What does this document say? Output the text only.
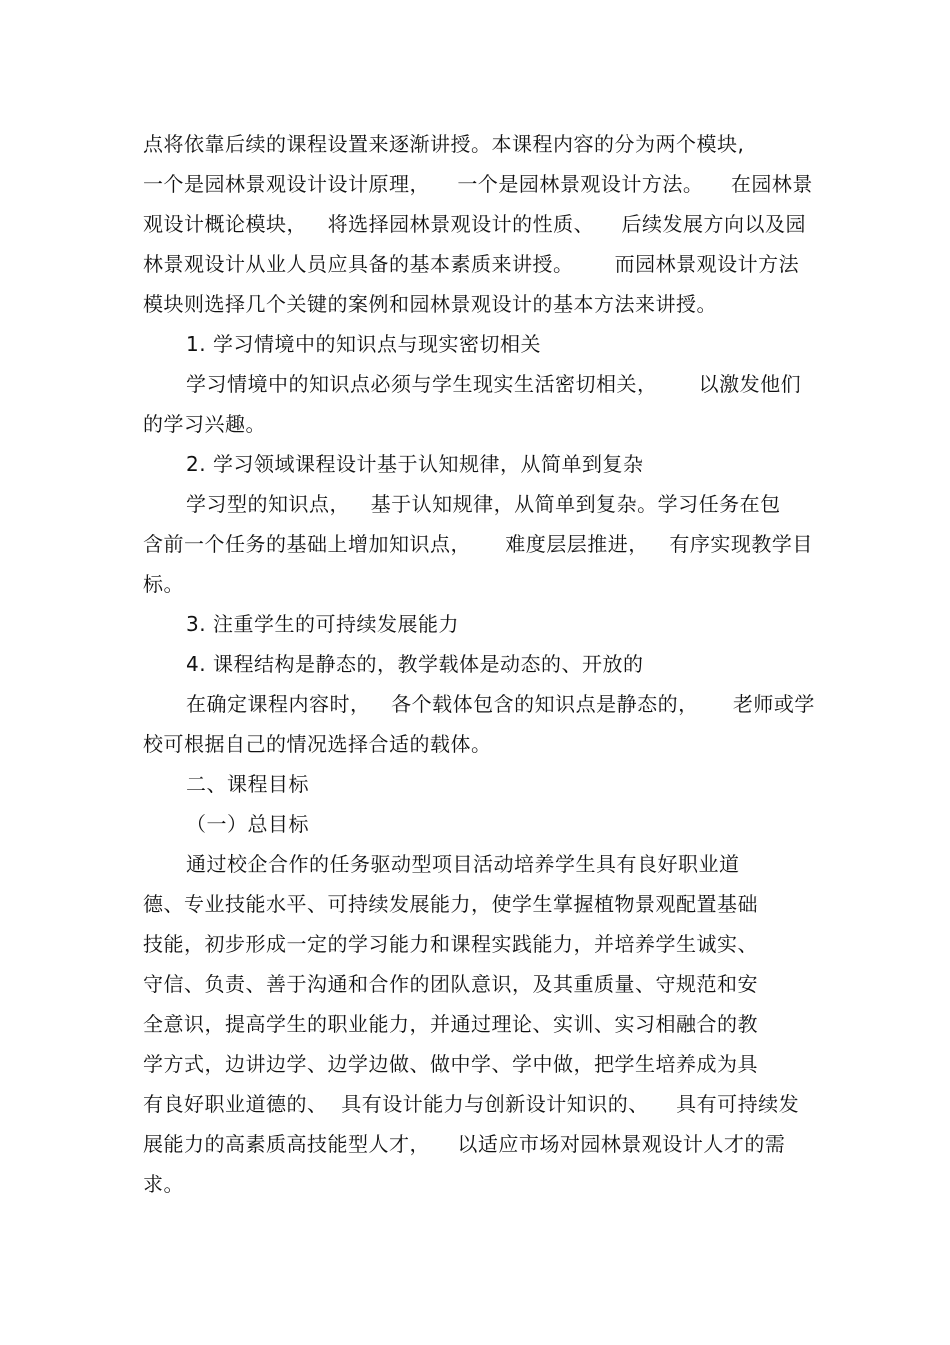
点将依靠后续的课程设置来逐渐讲授。本课程内容的分为两个模块,
一个是园林景观设计设计原理，    一个是园林景观设计方法。    在园林景
观设计概论模块，   将选择园林景观设计的性质、    后续发展方向以及园
林景观设计从业人员应具备的基本素质来讲授。      而园林景观设计方法
模块则选择几个关键的案例和园林景观设计的基本方法来讲授。
1. 学习情境中的知识点与现实密切相关
学习情境中的知识点必须与学生现实生活密切相关，      以激发他们
的学习兴趣。
2. 学习领域课程设计基于认知规律，从简单到复杂
学习型的知识点，   基于认知规律，从简单到复杂。学习任务在包
含前一个任务的基础上增加知识点，     难度层层推进，   有序实现教学目
标。
3. 注重学生的可持续发展能力
4. 课程结构是静态的，教学载体是动态的、开放的
在确定课程内容时，   各个载体包含的知识点是静态的，     老师或学
校可根据自己的情况选择合适的载体。
二、课程目标
（一）总目标
通过校企合作的任务驱动型项目活动培养学生具有良好职业道
德、专业技能水平、可持续发展能力，使学生掌握植物景观配置基础
技能，初步形成一定的学习能力和课程实践能力，并培养学生诚实、
守信、负责、善于沟通和合作的团队意识，及其重质量、守规范和安
全意识，提高学生的职业能力，并通过理论、实训、实习相融合的教
学方式，边讲边学、边学边做、做中学、学中做，把学生培养成为具
有良好职业道德的、  具有设计能力与创新设计知识的、    具有可持续发
展能力的高素质高技能型人才，    以适应市场对园林景观设计人才的需
求。
